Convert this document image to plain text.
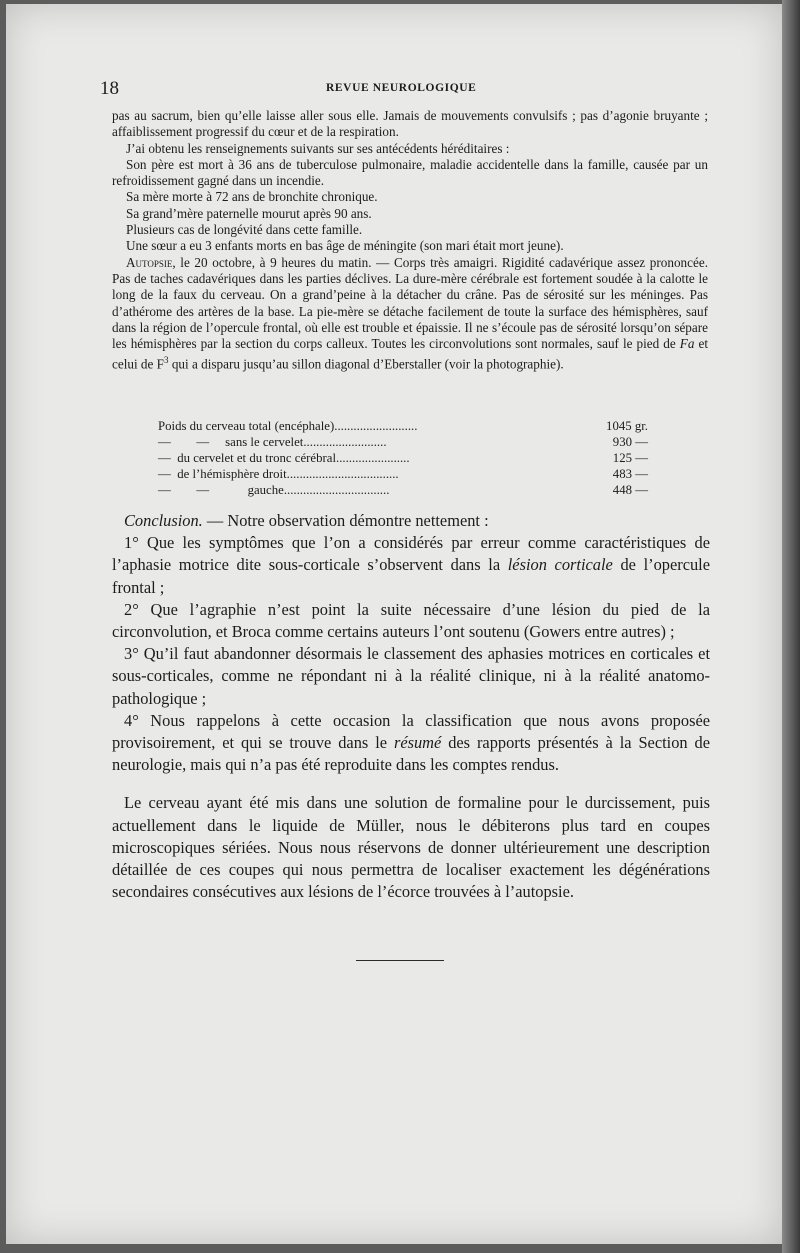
18	REVUE NEUROLOGIQUE

pas au sacrum, bien qu’elle laisse aller sous elle. Jamais de mouvements convulsifs ; pas d’agonie bruyante ; affaiblissement progressif du cœur et de la respiration.

J’ai obtenu les renseignements suivants sur ses antécédents héréditaires :

Son père est mort à 36 ans de tuberculose pulmonaire, maladie accidentelle dans la famille, causée par un refroidissement gagné dans un incendie.

Sa mère morte à 72 ans de bronchite chronique.

Sa grand’mère paternelle mourut après 90 ans.

Plusieurs cas de longévité dans cette famille.

Une sœur a eu 3 enfants morts en bas âge de méningite (son mari était mort jeune).

Autopsie, le 20 octobre, à 9 heures du matin. — Corps très amaigri. Rigidité cadavérique assez prononcée. Pas de taches cadavériques dans les parties déclives. La dure-mère cérébrale est fortement soudée à la calotte le long de la faux du cerveau. On a grand’peine à la détacher du crâne. Pas de sérosité sur les méninges. Pas d’athérome des artères de la base. La pie-mère se détache facilement de toute la surface des hémisphères, sauf dans la région de l’opercule frontal, où elle est trouble et épaissie. Il ne s’écoule pas de sérosité lorsqu’on sépare les hémisphères par la section du corps calleux. Toutes les circonvolutions sont normales, sauf le pied de Fa et celui de $F^3$ qui a disparu jusqu’au sillon diagonal d’Eberstaller (voir la photographie).

Poids du cerveau total (encéphale)..........................	1045 gr.
—        —     sans le cervelet..........................	930 —
—  du cervelet et du tronc cérébral.......................	125 —
—  de l’hémisphère droit...................................	483 —
—        —            gauche.................................	448 —

Conclusion. — Notre observation démontre nettement :

1° Que les symptômes que l’on a considérés par erreur comme caractéristiques de l’aphasie motrice dite sous-corticale s’observent dans la lésion corticale de l’opercule frontal ;

2° Que l’agraphie n’est point la suite nécessaire d’une lésion du pied de la circonvolution, et Broca comme certains auteurs l’ont soutenu (Gowers entre autres) ;

3° Qu’il faut abandonner désormais le classement des aphasies motrices en corticales et sous-corticales, comme ne répondant ni à la réalité clinique, ni à la réalité anatomo-pathologique ;

4° Nous rappelons à cette occasion la classification que nous avons proposée provisoirement, et qui se trouve dans le résumé des rapports présentés à la Section de neurologie, mais qui n’a pas été reproduite dans les comptes rendus.

Le cerveau ayant été mis dans une solution de formaline pour le durcissement, puis actuellement dans le liquide de Müller, nous le débiterons plus tard en coupes microscopiques sériées. Nous nous réservons de donner ultérieurement une description détaillée de ces coupes qui nous permettra de localiser exactement les dégénérations secondaires consécutives aux lésions de l’écorce trouvées à l’autopsie.
